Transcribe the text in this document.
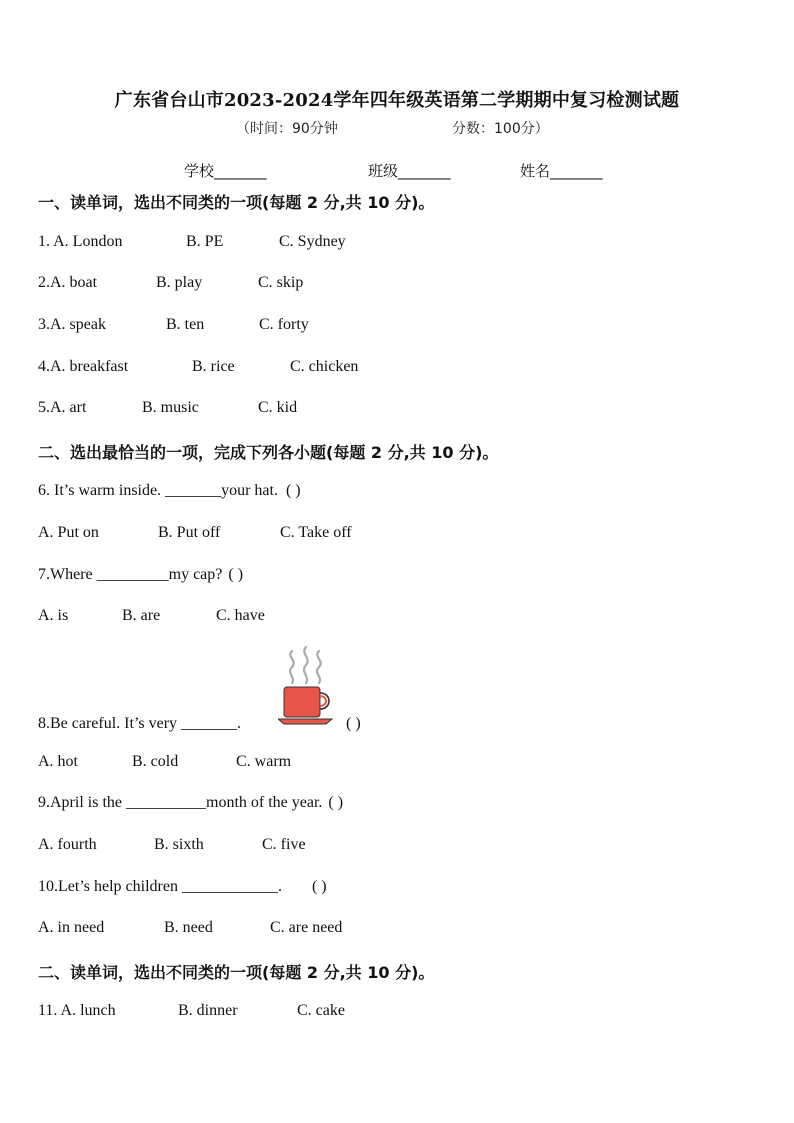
广东省台山市2023-2024学年四年级英语第二学期期中复习检测试题
（时间：90分钟	分数：100分）
学校_______	班级_______	姓名_______
一、读单词，选出不同类的一项(每题 2 分,共 10 分)。
1. A. London	B. PE	C. Sydney
2.A. boat	B. play	C. skip
3.A. speak	B. ten	C. forty
4.A. breakfast	B. rice	C. chicken
5.A. art	B. music	C. kid
二、选出最恰当的一项，完成下列各小题(每题 2 分,共 10 分)。
6. It’s warm inside. _______your hat. ( )
A. Put on	B. Put off	C. Take off
7.Where _________my cap? ( )
A. is	B. are	C. have
8.Be careful. It’s very _______.	( )
A. hot	B. cold	C. warm
9.April is the __________month of the year. ( )
A. fourth	B. sixth	C. five
10.Let’s help children ____________. ( )
A. in need	B. need	C. are need
二、读单词，选出不同类的一项(每题 2 分,共 10 分)。
11. A. lunch	B. dinner	C. cake
